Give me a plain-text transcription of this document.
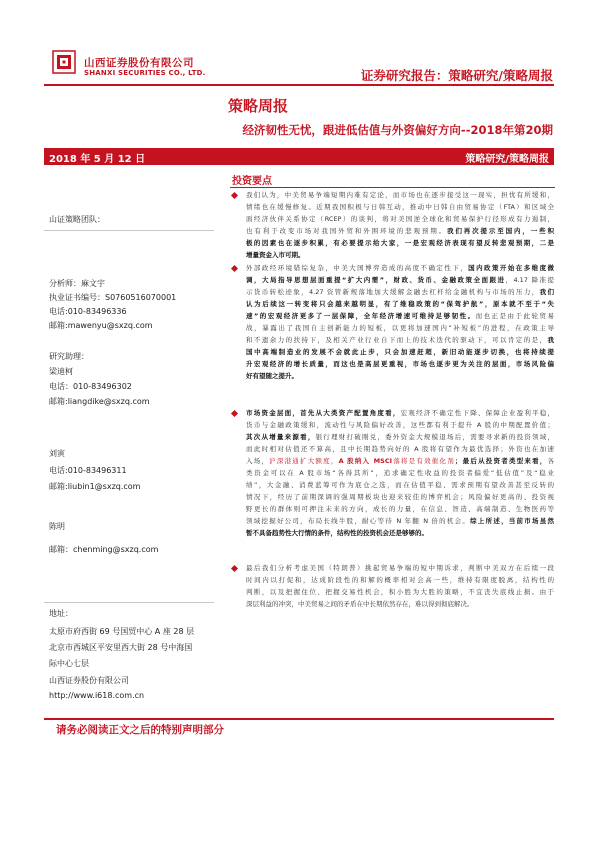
山西证券股份有限公司
SHANXI SECURITIES CO., LTD.	证券研究报告：策略研究/策略周报
策略周报
经济韧性无忧，跟进低估值与外资偏好方向--2018年第20期
2018 年 5 月 12 日	策略研究/策略周报
山证策略团队：
分析师：麻文宇
执业证书编号：S0760516070001
电话:010-83496336
邮箱:mawenyu@sxzq.com
研究助理：
梁迪柯
电话：010-83496302
邮箱:liangdike@sxzq.com
刘寅
电话:010-83496311
邮箱:liubin1@sxzq.com
陈明
邮箱：chenming@sxzq.com
地址：
太原市府西街 69 号国贸中心 A 座 28 层
北京市西城区平安里西大街 28 号中海国
际中心七层
山西证券股份有限公司
http://www.i618.com.cn
投资要点
我们认为，中美贸易争端短期内难有定论，而市场也在逐步接受这一现实，担忧有所缓和，
情绪也在缓慢修复。近期我国积极与日韩互动，推动中日韩自由贸易协定（FTA）和区域全
面经济伙伴关系协定（RCEP）的谈判，将对美国逆全球化和贸易保护行径形成有力遏制，
也有利于改变市场对我国外贸和外围环境的悲观预期。我们再次提示至国内，一些积
极的因素也在逐步积累，有必要提示给大家，一是宏观经济表现有望反转悲观预期，二是
增量资金入市可期。
外部政经环境错综复杂，中美大国博弈造成的高度不确定性下，国内政策开始在多维度微
调，大局指导思想层面重提“扩大内需”，财政、货币、金融政策全面跟进，4.17 降准提
示货币转松迹象，4.27 资管新规落地加大缓解金融去杠杆给金融机构与市场的压力，我们
认为后续这一转变将只会越来越明显，有了维稳政策的“保驾护航”，原本就不至于“失
速”的宏观经济更多了一层保障，全年经济增速可维持足够韧性。而也正是由于此轮贸易
战，暴露出了我国自主创新能力的短板，以更将加速国内“补短板”的进程，在政策主导
和不遗余力的扶持下，及相关产业行业自下而上的技术迭代的驱动下，可以肯定的是，我
国中高端制造业的发展不会就此止步，只会加速赶超，新旧动能逐步切换，也将持续提
升宏观经济的增长质量，而这也是高层更重视，市场也逐步更为关注的层面，市场风险偏
好有望随之提升。
市场资金层面，首先从大类资产配置角度看，宏观经济不确定性下降、保障企业盈利平稳，
货币与金融政策缓和，流动性与风险偏好改善，这些都有利于提升 A 股的中期配置价值；
其次从增量来源看，银行理财打破刚兑，委外资金大规模退场后，需要寻求新的投资领域，
而此时相对估值还不算高，且中长期趋势向好的 A 股将有望作为最优选择；外资也在加速
入场，沪深港通扩大额度，A 股纳入 MSCI落将是有效催化剂；最后从投资者类型来看，各
类资金可以在 A 股市场“各得其所”，追求确定性收益的投资者偏爱“低估值”及“稳业
绩”，大金融、消费蓝筹可作为底仓之选，而在估值平稳、需求预期有望改善甚至反转的
情况下，经历了前期深调的强周期板块也迎来较佳的博弈机会；风险偏好更高的、投资视
野更长的群体则可押注未来的方向，成长的力量，在信息、智造、高端制造、生物医药等
领域挖掘好公司，布局长线牛股，耐心等待 N 年翻 N 倍的机会。综上所述，当前市场虽然
暂不具备趋势性大行情的条件，结构性的投资机会还是够够的。
最后我们分析考虑美国（特朗普）挑起贸易争端的短中期诉求，判断中美双方在后续一段
时间内以打促和，达成阶段性的和解的概率相对会高一些，维持有限度脱离，结构性的
判断，以及把握住位、把握交易性机会，积小胜为大胜的策略，不宜丧失底线止损。由于
深层利益的冲突，中美贸易之间的矛盾在中长期依然存在，难以得到彻底解决。
请务必阅读正文之后的特别声明部分
